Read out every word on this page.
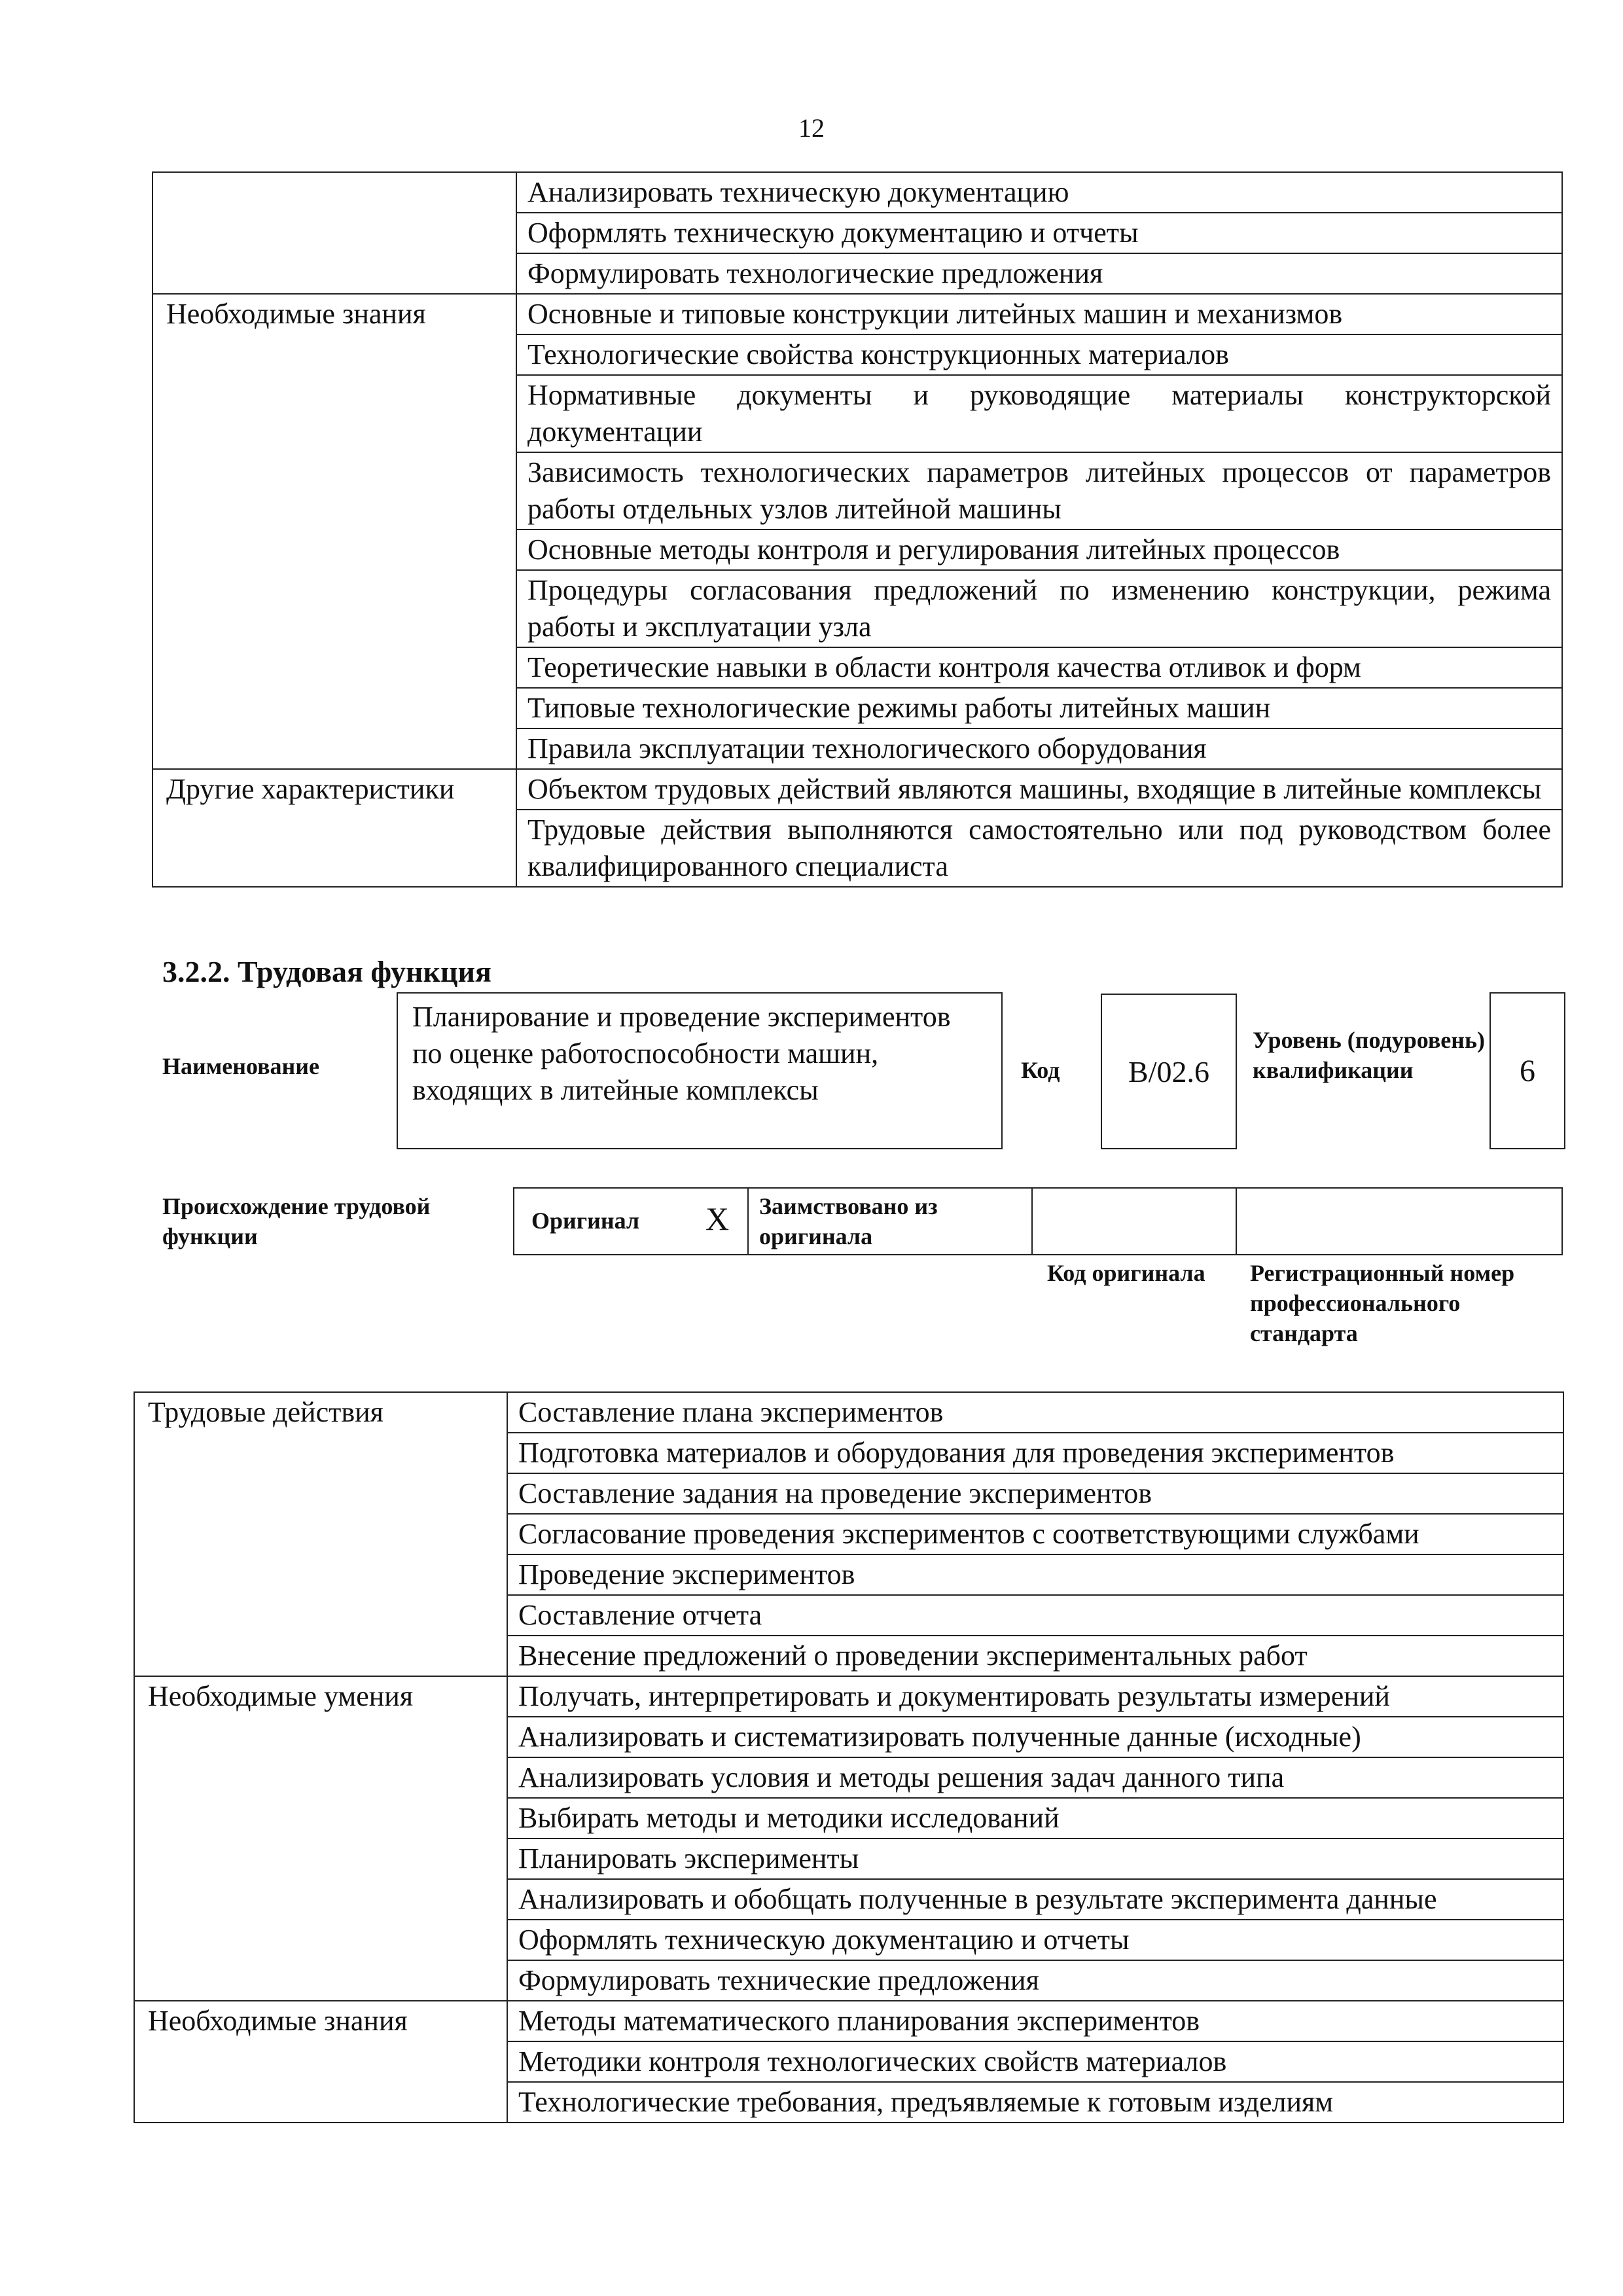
12
	Анализировать техническую документацию
	Оформлять техническую документацию и отчеты
	Формулировать технологические предложения
Необходимые знания	Основные и типовые конструкции литейных машин и механизмов
	Технологические свойства конструкционных материалов
	Нормативные документы и руководящие материалы конструкторской документации
	Зависимость технологических параметров литейных процессов от параметров работы отдельных узлов литейной машины
	Основные методы контроля и регулирования литейных процессов
	Процедуры согласования предложений по изменению конструкции, режима работы и эксплуатации узла
	Теоретические навыки в области контроля качества отливок и форм
	Типовые технологические режимы работы литейных машин
	Правила эксплуатации технологического оборудования
Другие характеристики	Объектом трудовых действий являются машины, входящие в литейные комплексы
	Трудовые действия выполняются самостоятельно или под руководством более квалифицированного специалиста
3.2.2. Трудовая функция
Наименование
Планирование и проведение экспериментов по оценке работоспособности машин, входящих в литейные комплексы
Код	В/02.6
Уровень (подуровень) квалификации	6
Происхождение трудовой функции
Оригинал	X	Заимствовано из оригинала
Код оригинала	Регистрационный номер профессионального стандарта
Трудовые действия	Составление плана экспериментов
	Подготовка материалов и оборудования для проведения экспериментов
	Составление задания на проведение экспериментов
	Согласование проведения экспериментов с соответствующими службами
	Проведение экспериментов
	Составление отчета
	Внесение предложений о проведении экспериментальных работ
Необходимые умения	Получать, интерпретировать и документировать результаты измерений
	Анализировать и систематизировать полученные данные (исходные)
	Анализировать условия и методы решения задач данного типа
	Выбирать методы и методики исследований
	Планировать эксперименты
	Анализировать и обобщать полученные в результате эксперимента данные
	Оформлять техническую документацию и отчеты
	Формулировать технические предложения
Необходимые знания	Методы математического планирования экспериментов
	Методики контроля технологических свойств материалов
	Технологические требования, предъявляемые к готовым изделиям
